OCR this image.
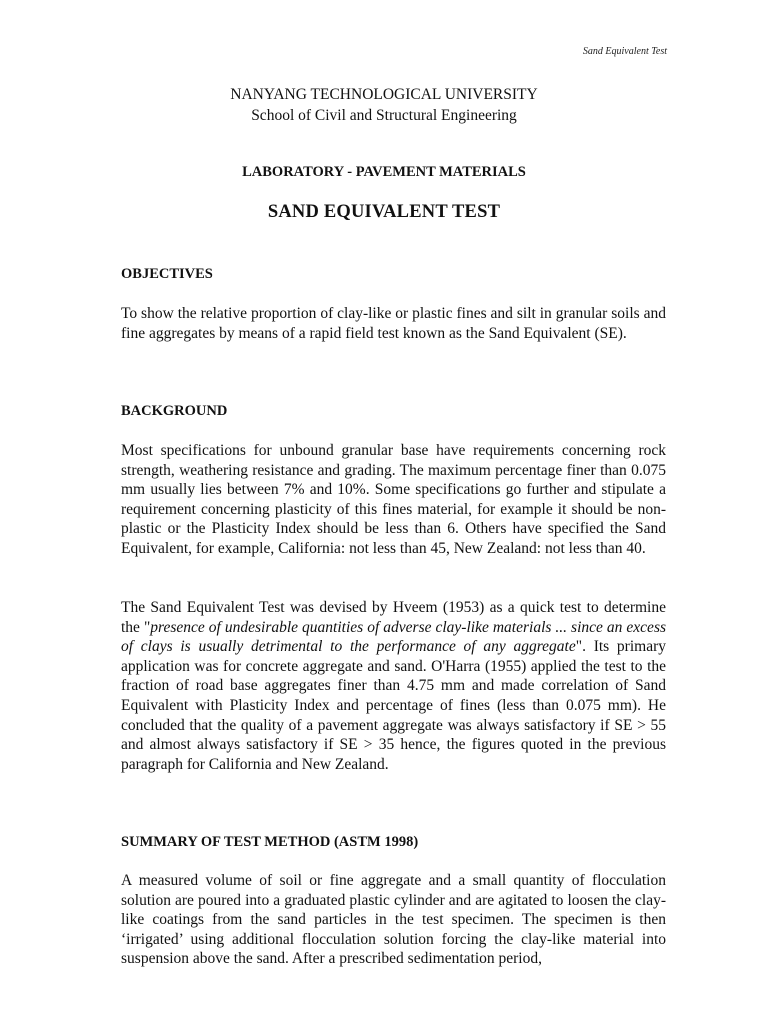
Sand Equivalent Test
NANYANG TECHNOLOGICAL UNIVERSITY
School of Civil and Structural Engineering
LABORATORY - PAVEMENT MATERIALS
SAND EQUIVALENT TEST
OBJECTIVES

To show the relative proportion of clay-like or plastic fines and silt in granular soils and fine aggregates by means of a rapid field test known as the Sand Equivalent (SE).

BACKGROUND

Most specifications for unbound granular base have requirements concerning rock strength, weathering resistance and grading. The maximum percentage finer than 0.075 mm usually lies between 7% and 10%. Some specifications go further and stipulate a requirement concerning plasticity of this fines material, for example it should be non-plastic or the Plasticity Index should be less than 6. Others have specified the Sand Equivalent, for example, California: not less than 45, New Zealand: not less than 40.

The Sand Equivalent Test was devised by Hveem (1953) as a quick test to determine the "presence of undesirable quantities of adverse clay-like materials ... since an excess of clays is usually detrimental to the performance of any aggregate". Its primary application was for concrete aggregate and sand. O'Harra (1955) applied the test to the fraction of road base aggregates finer than 4.75 mm and made correlation of Sand Equivalent with Plasticity Index and percentage of fines (less than 0.075 mm). He concluded that the quality of a pavement aggregate was always satisfactory if SE > 55 and almost always satisfactory if SE > 35 hence, the figures quoted in the previous paragraph for California and New Zealand.

SUMMARY OF TEST METHOD (ASTM 1998)

A measured volume of soil or fine aggregate and a small quantity of flocculation solution are poured into a graduated plastic cylinder and are agitated to loosen the clay-like coatings from the sand particles in the test specimen. The specimen is then ‘irrigated’ using additional flocculation solution forcing the clay-like material into suspension above the sand. After a prescribed sedimentation period,
